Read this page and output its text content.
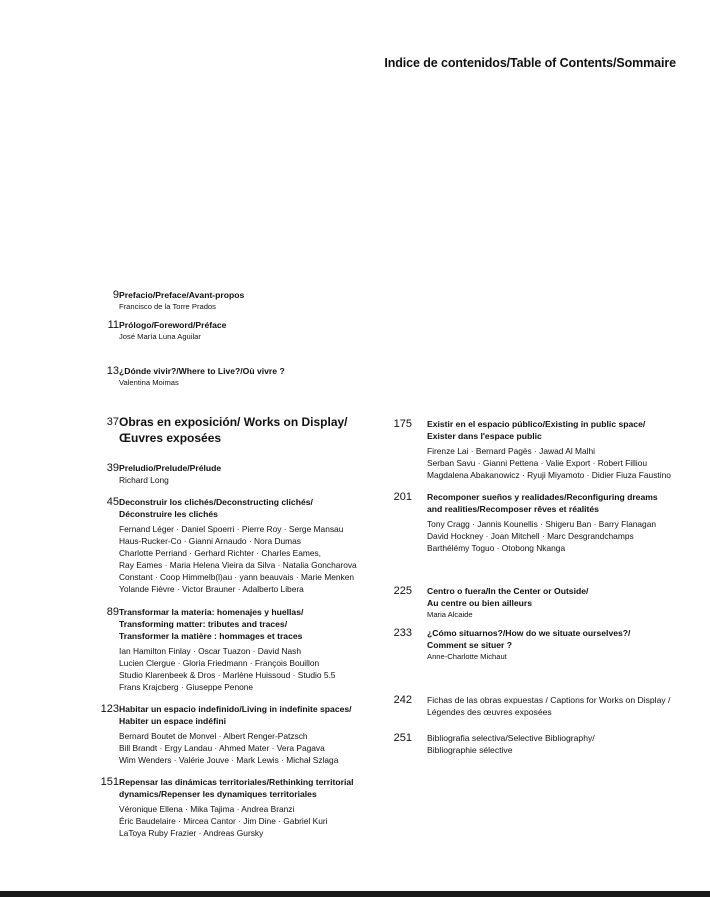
Indice de contenidos/Table of Contents/Sommaire
9 Prefacio/Preface/Avant-propos
Francisco de la Torre Prados
11 Prólogo/Foreword/Préface
José María Luna Aguilar
13 ¿Dónde vivir?/Where to Live?/Où vivre ?
Valentina Moimas
37 Obras en exposición/ Works on Display/
Œuvres exposées
39 Preludio/Prelude/Prélude
Richard Long
45 Deconstruir los clichés/Deconstructing clichés/
Déconstruire les clichés
Fernand Léger · Daniel Spoerri · Pierre Roy · Serge Mansau
Haus-Rucker-Co · Gianni Arnaudo · Nora Dumas
Charlotte Perriand · Gerhard Richter · Charles Eames,
Ray Eames · Maria Helena Vieira da Silva · Natalia Goncharova
Constant · Coop Himmelb(l)au · yann beauvais · Marie Menken
Yolande Fièvre · Victor Brauner · Adalberto Libera
89 Transformar la materia: homenajes y huellas/
Transforming matter: tributes and traces/
Transformer la matière : hommages et traces
Ian Hamilton Finlay · Oscar Tuazon · David Nash
Lucien Clergue · Gloria Friedmann · François Bouillon
Studio Klarenbeek & Dros · Marlène Huissoud · Studio 5.5
Frans Krajcberg · Giuseppe Penone
123 Habitar un espacio indefinido/Living in indefinite spaces/
Habiter un espace indéfini
Bernard Boutet de Monvel · Albert Renger-Patzsch
Bill Brandt · Ergy Landau · Ahmed Mater · Vera Pagava
Wim Wenders · Valérie Jouve · Mark Lewis · Michał Szlaga
151 Repensar las dinámicas territoriales/Rethinking territorial
dynamics/Repenser les dynamiques territoriales
Véronique Ellena · Mika Tajima · Andrea Branzi
Éric Baudelaire · Mircea Cantor · Jim Dine · Gabriel Kuri
LaToya Ruby Frazier · Andreas Gursky
175 Existir en el espacio público/Existing in public space/
Exister dans l'espace public
Firenze Lai · Bernard Pagès · Jawad Al Malhi
Serban Savu · Gianni Pettena · Valie Export · Robert Filliou
Magdalena Abakanowicz · Ryuji Miyamoto · Didier Fiuza Faustino
201 Recomponer sueños y realidades/Reconfiguring dreams
and realities/Recomposer rêves et réalités
Tony Cragg · Jannis Kounellis · Shigeru Ban · Barry Flanagan
David Hockney · Joan Mitchell · Marc Desgrandchamps
Barthélémy Toguo · Otobong Nkanga
225 Centro o fuera/In the Center or Outside/
Au centre ou bien ailleurs
Maria Alcaide
233 ¿Cómo situarnos?/How do we situate ourselves?/
Comment se situer ?
Anne-Charlotte Michaut
242 Fichas de las obras expuestas / Captions for Works on Display /
Légendes des œuvres exposées
251 Bibliografia selectiva/Selective Bibliography/
Bibliographie sélective
